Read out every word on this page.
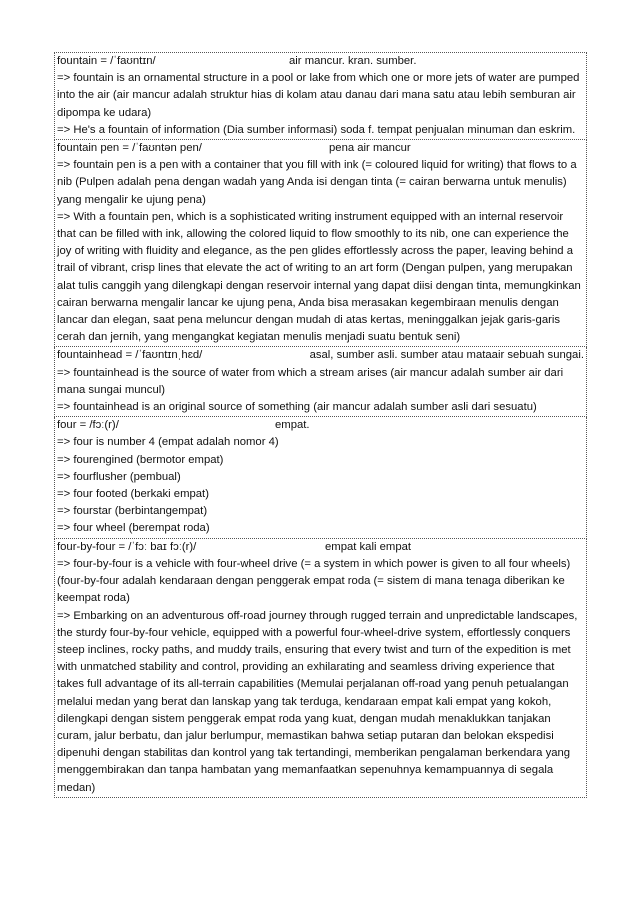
fountain = /ˈfaʊntɪn/	air mancur. kran. sumber.
=> fountain is an ornamental structure in a pool or lake from which one or more jets of water are pumped into the air (air mancur adalah struktur hias di kolam atau danau dari mana satu atau lebih semburan air dipompa ke udara)
=> He's a fountain of information (Dia sumber informasi) soda f. tempat penjualan minuman dan eskrim.
fountain pen = /ˈfaʊntən pen/	pena air mancur
=> fountain pen is a pen with a container that you fill with ink (= coloured liquid for writing) that flows to a nib (Pulpen adalah pena dengan wadah yang Anda isi dengan tinta (= cairan berwarna untuk menulis) yang mengalir ke ujung pena)
=> With a fountain pen, which is a sophisticated writing instrument equipped with an internal reservoir that can be filled with ink, allowing the colored liquid to flow smoothly to its nib, one can experience the joy of writing with fluidity and elegance, as the pen glides effortlessly across the paper, leaving behind a trail of vibrant, crisp lines that elevate the act of writing to an art form (Dengan pulpen, yang merupakan alat tulis canggih yang dilengkapi dengan reservoir internal yang dapat diisi dengan tinta, memungkinkan cairan berwarna mengalir lancar ke ujung pena, Anda bisa merasakan kegembiraan menulis dengan lancar dan elegan, saat pena meluncur dengan mudah di atas kertas, meninggalkan jejak garis-garis cerah dan jernih, yang mengangkat kegiatan menulis menjadi suatu bentuk seni)
fountainhead = /ˈfaʊntɪnˌhɛd/	asal, sumber asli. sumber atau mataair sebuah sungai.
=> fountainhead is the source of water from which a stream arises (air mancur adalah sumber air dari mana sungai muncul)
=> fountainhead is an original source of something (air mancur adalah sumber asli dari sesuatu)
four = /fɔː(r)/	empat.
=> four is number 4 (empat adalah nomor 4)
=> fourengined (bermotor empat)
=> fourflusher (pembual)
=> four footed (berkaki empat)
=> fourstar (berbintangempat)
=> four wheel (berempat roda)
four-by-four = /ˈfɔː baɪ fɔː(r)/	empat kali empat
=> four-by-four is a vehicle with four-wheel drive (= a system in which power is given to all four wheels) (four-by-four adalah kendaraan dengan penggerak empat roda (= sistem di mana tenaga diberikan ke keempat roda)
=> Embarking on an adventurous off-road journey through rugged terrain and unpredictable landscapes, the sturdy four-by-four vehicle, equipped with a powerful four-wheel-drive system, effortlessly conquers steep inclines, rocky paths, and muddy trails, ensuring that every twist and turn of the expedition is met with unmatched stability and control, providing an exhilarating and seamless driving experience that takes full advantage of its all-terrain capabilities (Memulai perjalanan off-road yang penuh petualangan melalui medan yang berat dan lanskap yang tak terduga, kendaraan empat kali empat yang kokoh, dilengkapi dengan sistem penggerak empat roda yang kuat, dengan mudah menaklukkan tanjakan curam, jalur berbatu, dan jalur berlumpur, memastikan bahwa setiap putaran dan belokan ekspedisi dipenuhi dengan stabilitas dan kontrol yang tak tertandingi, memberikan pengalaman berkendara yang menggembirakan dan tanpa hambatan yang memanfaatkan sepenuhnya kemampuannya di segala medan)
